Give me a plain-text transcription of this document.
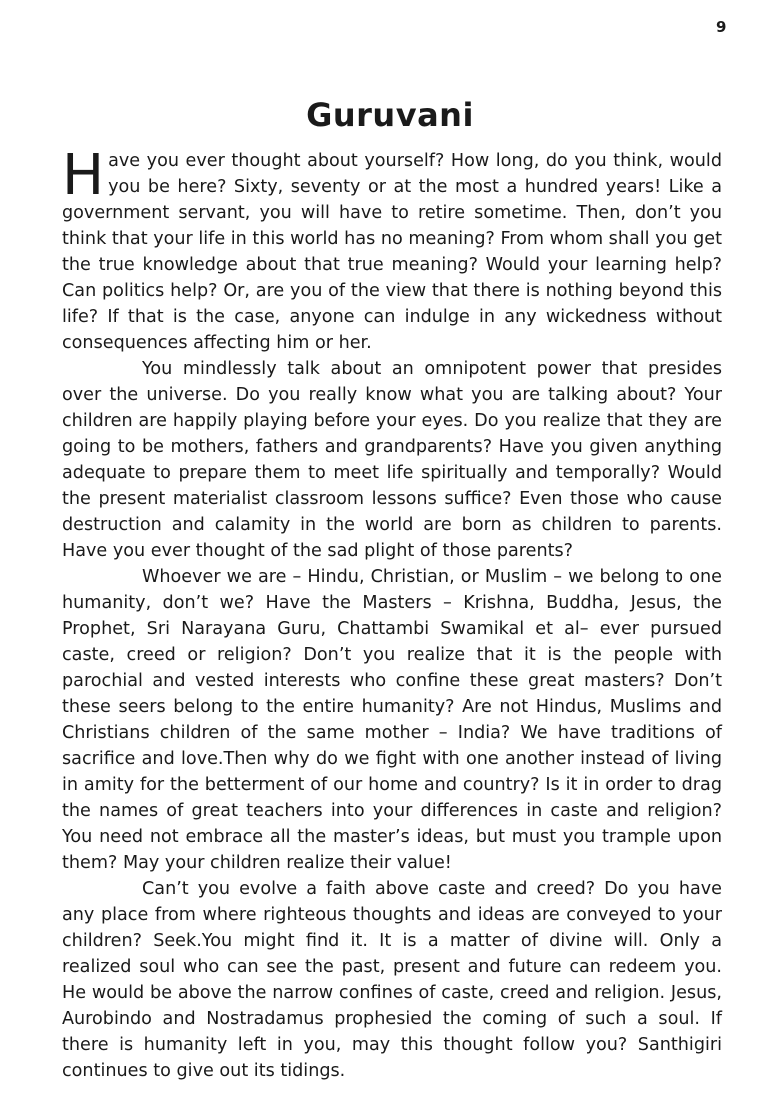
9
Guruvani

Have you ever thought about yourself? How long, do you think, would you be here? Sixty, seventy or at the most a hundred years! Like a government servant, you will have to retire sometime. Then, don’t you think that your life in this world has no meaning? From whom shall you get the true knowledge about that true meaning? Would your learning help? Can politics help? Or, are you of the view that there is nothing beyond this life? If that is the case, anyone can indulge in any wickedness without consequences affecting him or her.

You mindlessly talk about an omnipotent power that presides over the universe. Do you really know what you are talking about? Your children are happily playing before your eyes. Do you realize that they are going to be mothers, fathers and grandparents? Have you given anything adequate to prepare them to meet life spiritually and temporally? Would the present materialist classroom lessons suffice? Even those who cause destruction and calamity in the world are born as children to parents. Have you ever thought of the sad plight of those parents?

Whoever we are – Hindu, Christian, or Muslim – we belong to one humanity, don’t we? Have the Masters – Krishna, Buddha, Jesus, the Prophet, Sri Narayana Guru, Chattambi Swamikal et al– ever pursued caste, creed or religion? Don’t you realize that it is the people with parochial and vested interests who confine these great masters? Don’t these seers belong to the entire humanity? Are not Hindus, Muslims and Christians children of the same mother – India? We have traditions of sacrifice and love.Then why do we fight with one another instead of living in amity for the betterment of our home and country? Is it in order to drag the names of great teachers into your differences in caste and religion? You need not embrace all the master’s ideas, but must you trample upon them? May your children realize their value!

Can’t you evolve a faith above caste and creed? Do you have any place from where righteous thoughts and ideas are conveyed to your children? Seek.You might find it. It is a matter of divine will. Only a realized soul who can see the past, present and future can redeem you. He would be above the narrow confines of caste, creed and religion. Jesus, Aurobindo and Nostradamus prophesied the coming of such a soul. If there is humanity left in you, may this thought follow you? Santhigiri continues to give out its tidings.
